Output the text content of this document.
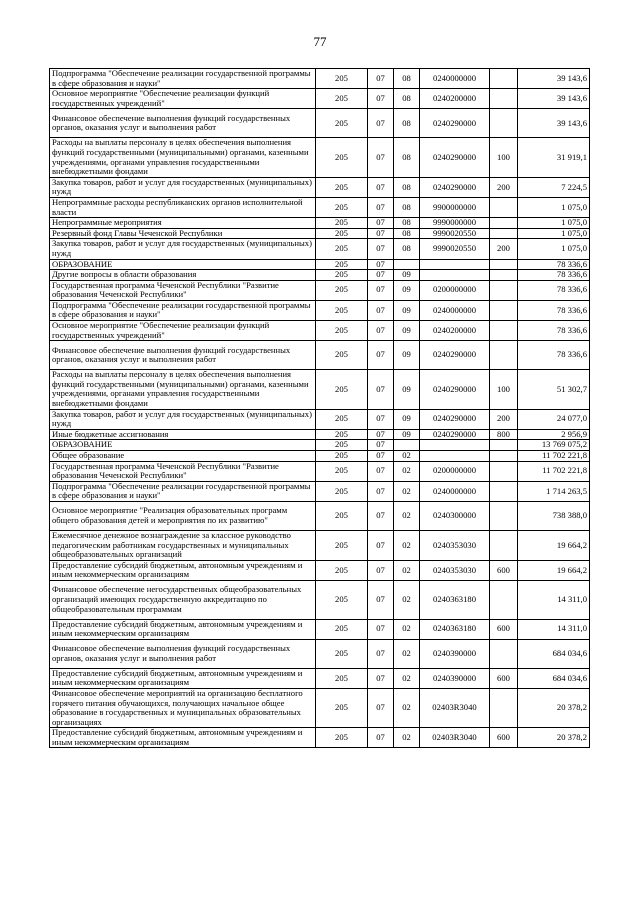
77
Подпрограмма "Обеспечение реализации государственной программы в сфере образования и науки"	205	07	08	0240000000		39 143,6
Основное мероприятие "Обеспечение реализации функций государственных учреждений"	205	07	08	0240200000		39 143,6
Финансовое обеспечение выполнения функций государственных органов, оказания услуг и выполнения работ	205	07	08	0240290000		39 143,6
Расходы на выплаты персоналу в целях обеспечения выполнения функций государственными (муниципальными) органами, казенными учреждениями, органами управления государственными внебюджетными фондами	205	07	08	0240290000	100	31 919,1
Закупка товаров, работ и услуг для государственных (муниципальных) нужд	205	07	08	0240290000	200	7 224,5
Непрограммные расходы республиканских органов исполнительной власти	205	07	08	9900000000		1 075,0
Непрограммные мероприятия	205	07	08	9990000000		1 075,0
Резервный фонд Главы Чеченской Республики	205	07	08	9990020550		1 075,0
Закупка товаров, работ и услуг для государственных (муниципальных) нужд	205	07	08	9990020550	200	1 075,0
ОБРАЗОВАНИЕ	205	07				78 336,6
Другие вопросы в области образования	205	07	09			78 336,6
Государственная программа Чеченской Республики "Развитие образования Чеченской Республики"	205	07	09	0200000000		78 336,6
Подпрограмма "Обеспечение реализации государственной программы в сфере образования и науки"	205	07	09	0240000000		78 336,6
Основное мероприятие "Обеспечение реализации функций государственных учреждений"	205	07	09	0240200000		78 336,6
Финансовое обеспечение выполнения функций государственных органов, оказания услуг и выполнения работ	205	07	09	0240290000		78 336,6
Расходы на выплаты персоналу в целях обеспечения выполнения функций государственными (муниципальными) органами, казенными учреждениями, органами управления государственными внебюджетными фондами	205	07	09	0240290000	100	51 302,7
Закупка товаров, работ и услуг для государственных (муниципальных) нужд	205	07	09	0240290000	200	24 077,0
Иные бюджетные ассигнования	205	07	09	0240290000	800	2 956,9
ОБРАЗОВАНИЕ	205	07				13 769 075,2
Общее образование	205	07	02			11 702 221,8
Государственная программа Чеченской Республики "Развитие образования Чеченской Республики"	205	07	02	0200000000		11 702 221,8
Подпрограмма "Обеспечение реализации государственной программы в сфере образования и науки"	205	07	02	0240000000		1 714 263,5
Основное мероприятие "Реализация образовательных программ общего образования детей и мероприятия по их развитию"	205	07	02	0240300000		738 388,0
Ежемесячное денежное вознаграждение за классное руководство педагогическим работникам государственных и муниципальных общеобразовательных организаций	205	07	02	0240353030		19 664,2
Предоставление субсидий бюджетным, автономным учреждениям и иным некоммерческим организациям	205	07	02	0240353030	600	19 664,2
Финансовое обеспечение негосударственных общеобразовательных организаций имеющих государственную аккредитацию по общеобразовательным программам	205	07	02	0240363180		14 311,0
Предоставление субсидий бюджетным, автономным учреждениям и иным некоммерческим организациям	205	07	02	0240363180	600	14 311,0
Финансовое обеспечение выполнения функций государственных органов, оказания услуг и выполнения работ	205	07	02	0240390000		684 034,6
Предоставление субсидий бюджетным, автономным учреждениям и иным некоммерческим организациям	205	07	02	0240390000	600	684 034,6
Финансовое обеспечение мероприятий на организацию бесплатного горячего питания обучающихся, получающих начальное общее образование в государственных и муниципальных образовательных организациях	205	07	02	02403R3040		20 378,2
Предоставление субсидий бюджетным, автономным учреждениям и иным некоммерческим организациям	205	07	02	02403R3040	600	20 378,2
